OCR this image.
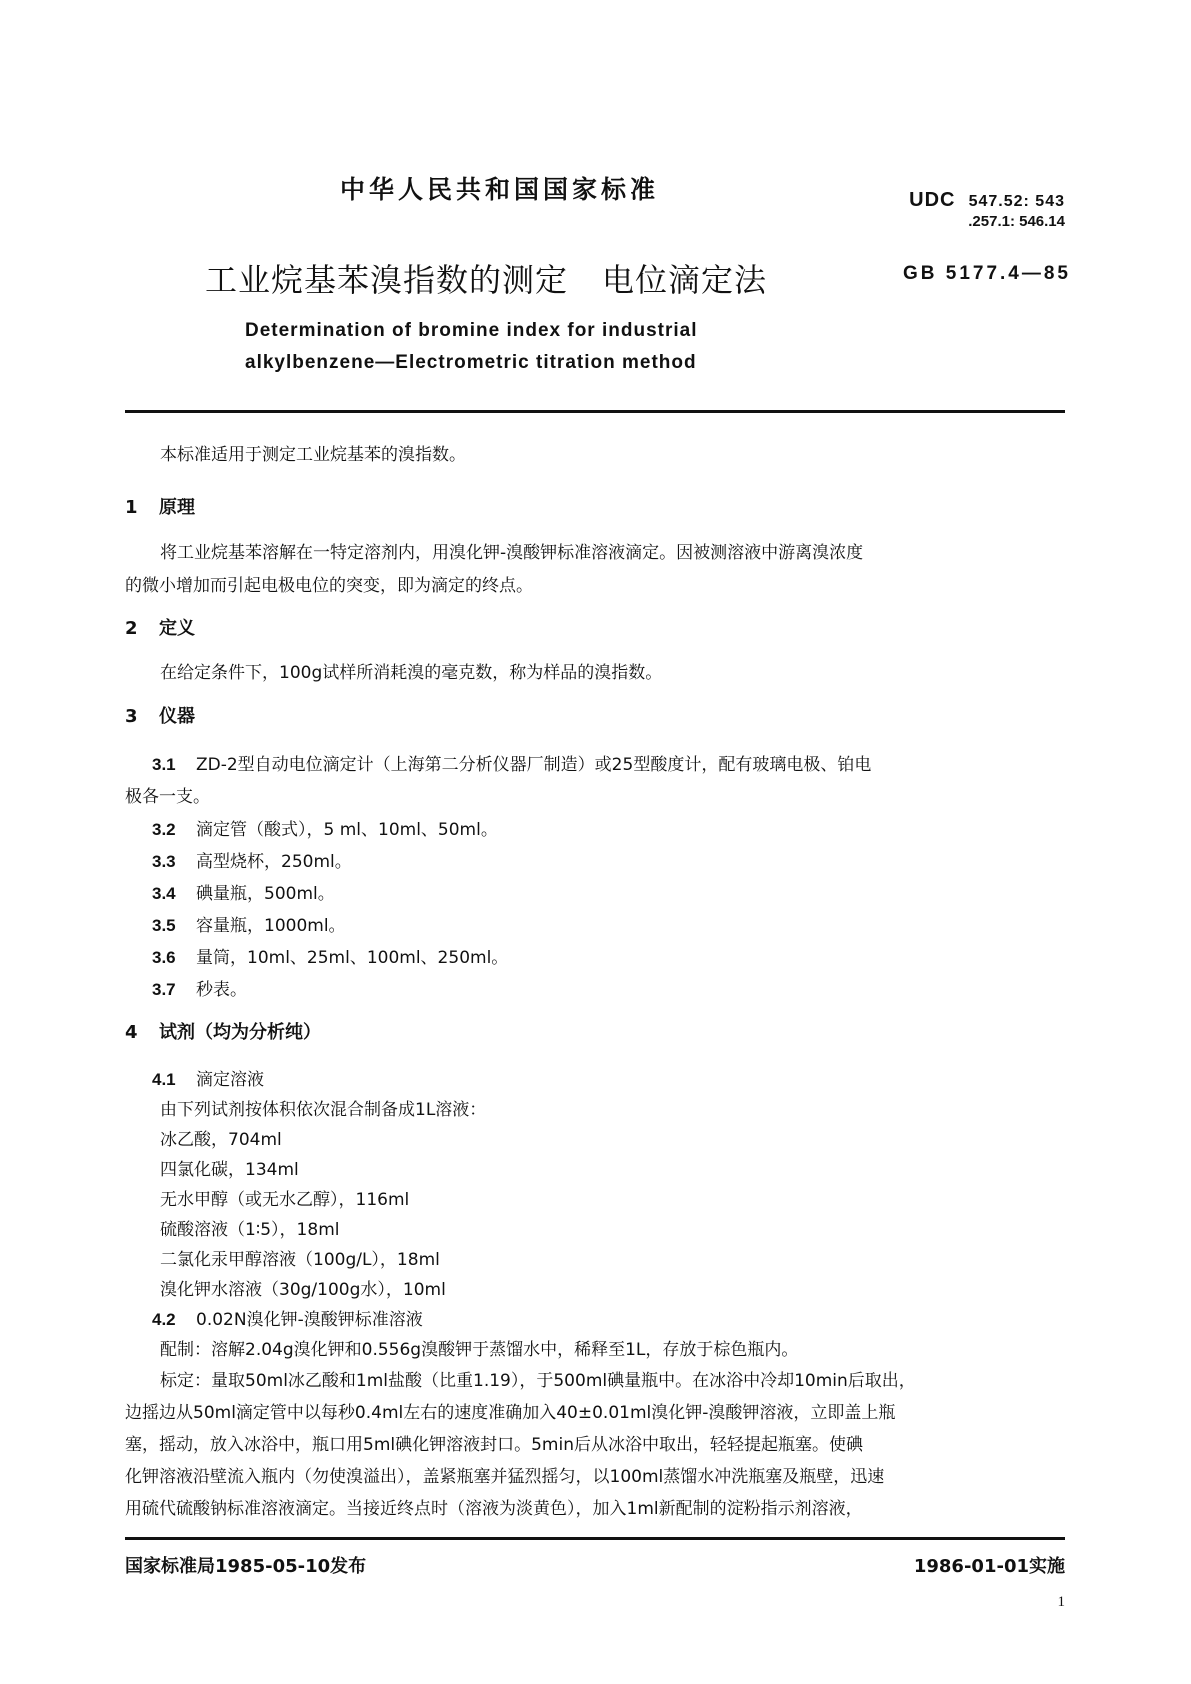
中华人民共和国国家标准	UDC 547.52: 543
.257.1: 546.14
工业烷基苯溴指数的测定 电位滴定法	GB 5177.4—85
Determination of bromine index for industrial
alkylbenzene—Electrometric titration method
本标准适用于测定工业烷基苯的溴指数。
1 原理
将工业烷基苯溶解在一特定溶剂内，用溴化钾-溴酸钾标准溶液滴定。因被测溶液中游离溴浓度
的微小增加而引起电极电位的突变，即为滴定的终点。
2 定义
在给定条件下，100g试样所消耗溴的毫克数，称为样品的溴指数。
3 仪器
3.1 ZD-2型自动电位滴定计（上海第二分析仪器厂制造）或25型酸度计，配有玻璃电极、铂电
极各一支。
3.2 滴定管（酸式），5 ml、10ml、50ml。
3.3 高型烧杯，250ml。
3.4 碘量瓶，500ml。
3.5 容量瓶，1000ml。
3.6 量筒，10ml、25ml、100ml、250ml。
3.7 秒表。
4 试剂（均为分析纯）
4.1 滴定溶液
由下列试剂按体积依次混合制备成1L溶液：
冰乙酸，704ml
四氯化碳，134ml
无水甲醇（或无水乙醇），116ml
硫酸溶液（1∶5），18ml
二氯化汞甲醇溶液（100g/L），18ml
溴化钾水溶液（30g/100g水），10ml
4.2 0.02N溴化钾-溴酸钾标准溶液
配制：溶解2.04g溴化钾和0.556g溴酸钾于蒸馏水中，稀释至1L，存放于棕色瓶内。
标定：量取50ml冰乙酸和1ml盐酸（比重1.19），于500ml碘量瓶中。在冰浴中冷却10min后取出，
边摇边从50ml滴定管中以每秒0.4ml左右的速度准确加入40±0.01ml溴化钾-溴酸钾溶液，立即盖上瓶
塞，摇动，放入冰浴中，瓶口用5ml碘化钾溶液封口。5min后从冰浴中取出，轻轻提起瓶塞。使碘
化钾溶液沿壁流入瓶内（勿使溴溢出），盖紧瓶塞并猛烈摇匀，以100ml蒸馏水冲洗瓶塞及瓶壁，迅速
用硫代硫酸钠标准溶液滴定。当接近终点时（溶液为淡黄色），加入1ml新配制的淀粉指示剂溶液，
国家标准局1985-05-10发布	1986-01-01实施
1
